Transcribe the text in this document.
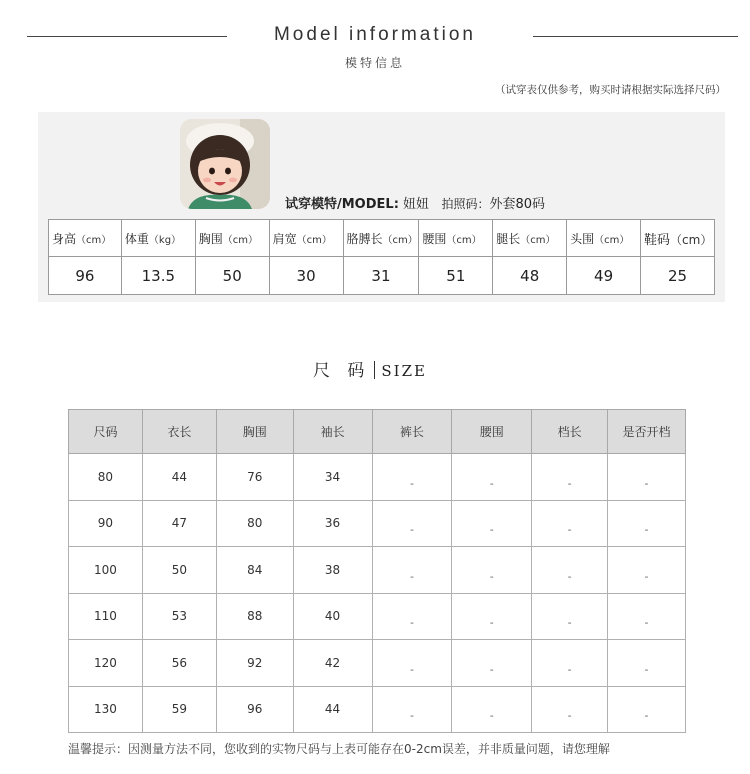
Model information
模特信息
（试穿表仅供参考，购买时请根据实际选择尺码）
试穿模特/MODEL: 妞妞 拍照码：外套80码
身高（cm）	体重（kg）	胸围（cm）	肩宽（cm）	胳膊长（cm）	腰围（cm）	腿长（cm）	头围（cm）	鞋码（cm）
96	13.5	50	30	31	51	48	49	25
尺 码 SIZE
尺码	衣长	胸围	袖长	裤长	腰围	档长	是否开档
80	44	76	34	-	-	-	-
90	47	80	36	-	-	-	-
100	50	84	38	-	-	-	-
110	53	88	40	-	-	-	-
120	56	92	42	-	-	-	-
130	59	96	44	-	-	-	-
温馨提示：因测量方法不同，您收到的实物尺码与上表可能存在0-2cm误差，并非质量问题，请您理解
